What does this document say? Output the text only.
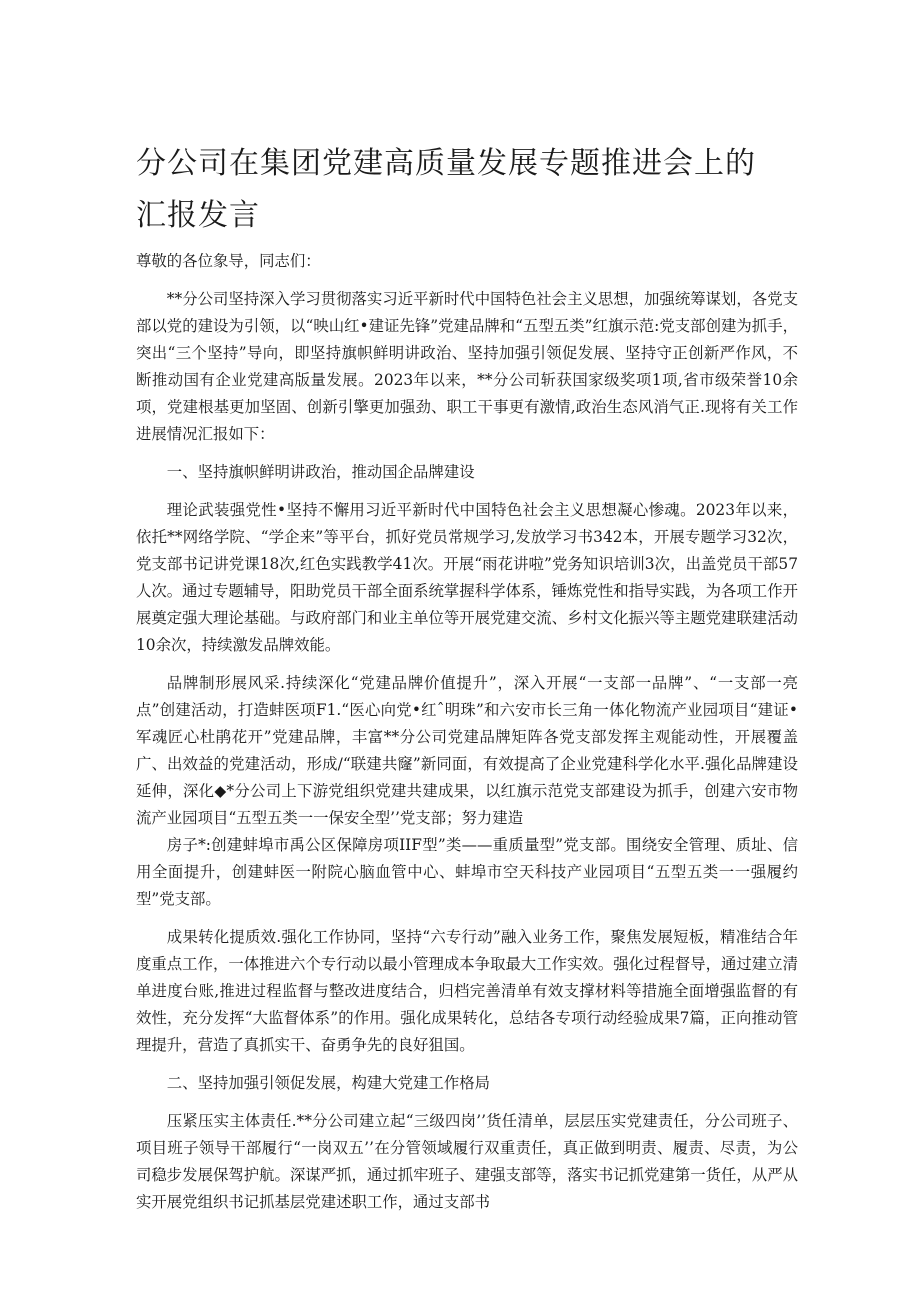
分公司在集团党建高质量发展专题推进会上的汇报发言

尊敬的各位象导，同志们：

**分公司坚持深入学习贯彻落实习近平新时代中国特色社会主义思想，加强统筹谋划，各党支部以党的建设为引领，以“映山红•建证先锋”党建品牌和“五型五类”红旗示范:党支部创建为抓手，突出“三个坚持”导向，即坚持旗帜鲜明讲政治、坚持加强引领促发展、坚持守正创新严作风，不断推动国有企业党建高版量发展。2023年以来，**分公司斩获国家级奖项1项,省市级荣誉10余项，党建根基更加坚固、创新引擎更加强劲、职工干事更有激情,政治生态风消气正.现将有关工作进展情况汇报如下：

一、坚持旗帜鲜明讲政治，推动国企品牌建设

理论武装强党性•坚持不懈用习近平新时代中国特色社会主义思想凝心惨魂。2023年以来，依托**网络学院、“学企来”等平台，抓好党员常规学习,发放学习书342本，开展专题学习32次，党支部书记讲党课18次,红色实践教学41次。开展“雨花讲啦”党务知识培训3次，出盖党员干部57人次。通过专题辅导，阳助党员干部全面系统掌握科学体系，锤炼党性和指导实践，为各项工作开展奠定强大理论基础。与政府部门和业主单位等开展党建交流、乡村文化振兴等主题党建联建活动10余次，持续激发品牌效能。

品牌制形展风采.持续深化“党建品牌价值提升”，深入开展“一支部一品牌”、“一支部一亮点”创建活动，打造蚌医项F1.“医心向党•红ˆ明珠”和六安市长三角一体化物流产业园项目“建证•军魂匠心杜鹃花开”党建品牌，丰富**分公司党建品牌矩阵各党支部发挥主观能动性，开展覆盖广、出效益的党建活动，形成/“联建共窿”新同面，有效提高了企业党建科学化水平.强化品牌建设延伸，深化◆*分公司上下游党组织党建共建成果，以红旗示范党支部建设为抓手，创建六安市物流产业园项目“五型五类一一保安全型’’党支部；努力建造

房子*:创建蚌埠市禹公区保障房项IIF型”类——重质量型”党支部。围绕安全管理、质址、信用全面提升，创建蚌医一附院心脑血管中心、蚌埠市空天科技产业园项目“五型五类一一强履约型”党支部。

成果转化提质效.强化工作协同，坚持“六专行动”融入业务工作，聚焦发展短板，精准结合年度重点工作，一体推进六个专行动以最小管理成本争取最大工作实效。强化过程督导，通过建立清单进度台账,推进过程监督与整改进度结合，归档完善清单有效支撑材料等措施全面增强监督的有效性，充分发挥“大监督体系”的作用。强化成果转化，总结各专项行动经验成果7篇，正向推动管理提升，营造了真抓实干、奋勇争先的良好狙国。

二、坚持加强引领促发展，构建大党建工作格局

压紧压实主体责任.**分公司建立起“三级四岗’’货任清单，层层压实党建责任，分公司班子、项目班子领导干部履行“一岗双五’’在分管领域履行双重责任，真正做到明责、履责、尽责，为公司稳步发展保驾护航。深谋严抓，通过抓牢班子、建强支部等，落实书记抓党建第一货任，从严从实开展党组织书记抓基层党建述职工作，通过支部书
